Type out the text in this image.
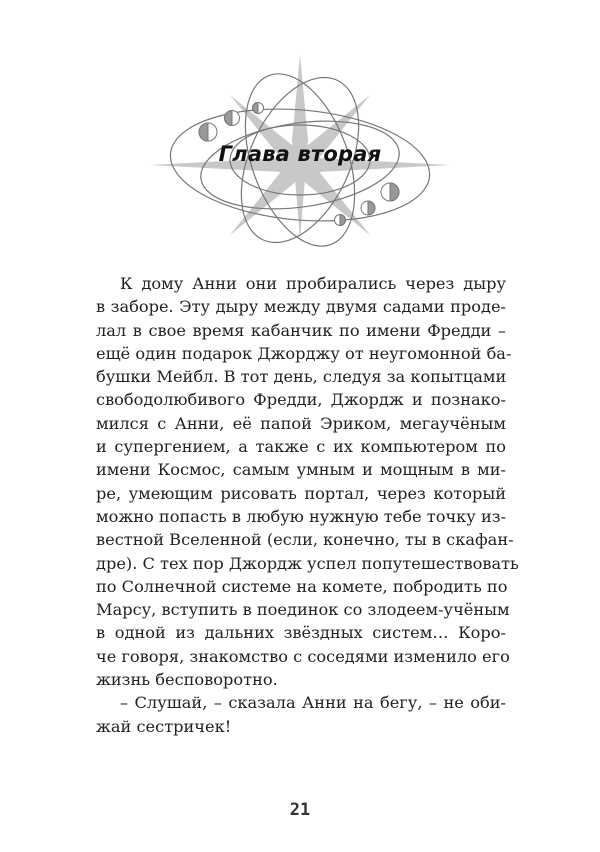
Глава вторая
К дому Анни они пробирались через дыру
в заборе. Эту дыру между двумя садами проде-
лал в свое время кабанчик по имени Фредди –
ещё один подарок Джорджу от неугомонной ба-
бушки Мейбл. В тот день, следуя за копытцами
свободолюбивого Фредди, Джордж и познако-
мился с Анни, её папой Эриком, мегаучёным
и супергением, а также с их компьютером по
имени Космос, самым умным и мощным в ми-
ре, умеющим рисовать портал, через который
можно попасть в любую нужную тебе точку из-
вестной Вселенной (если, конечно, ты в скафан-
дре). С тех пор Джордж успел попутешествовать
по Солнечной системе на комете, побродить по
Марсу, вступить в поединок со злодеем-учёным
в одной из дальних звёздных систем… Коро-
че говоря, знакомство с соседями изменило его
жизнь бесповоротно.
– Слушай, – сказала Анни на бегу, – не оби-
жай сестричек!
21
